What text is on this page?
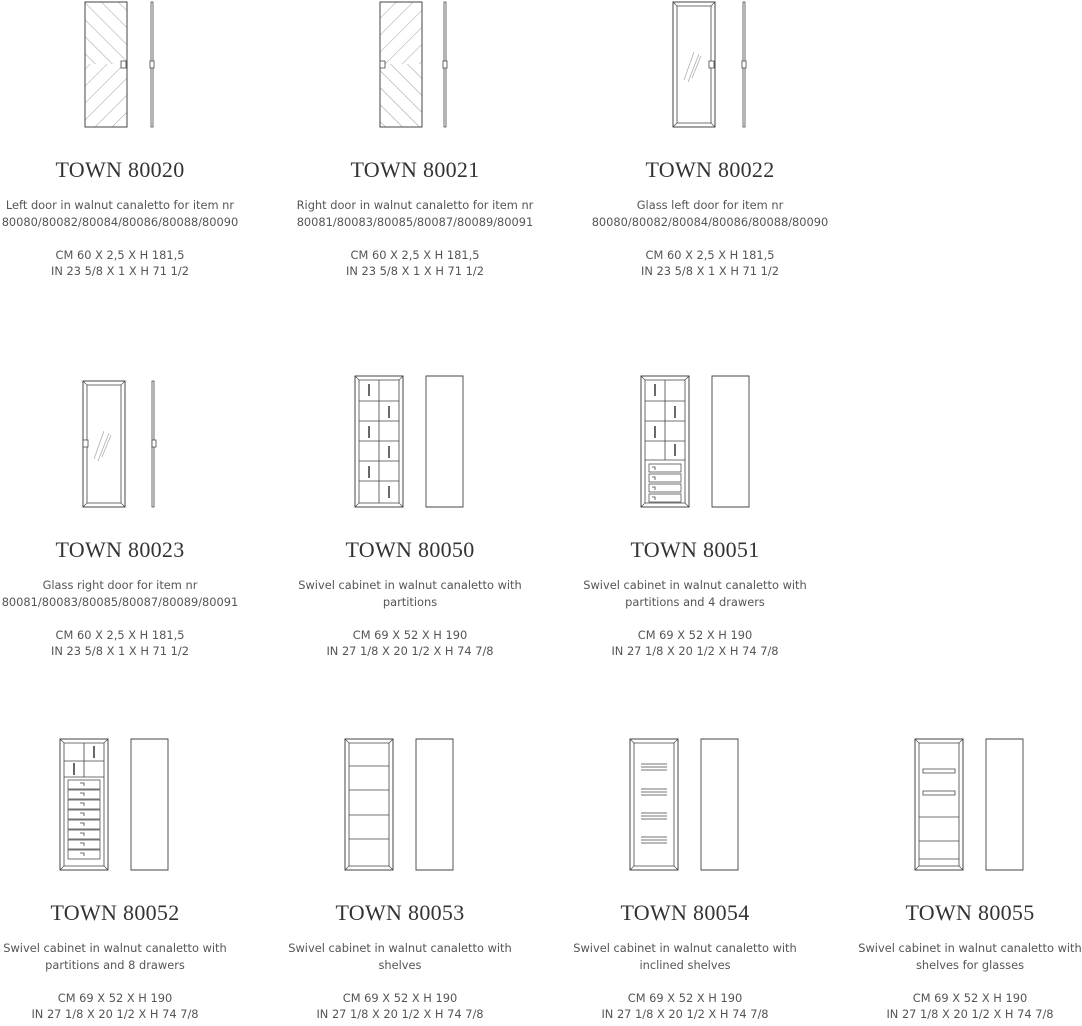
TOWN 80020
Left door in walnut canaletto for item nr 80080/80082/80084/80086/80088/80090
CM 60 X 2,5 X H 181,5
IN 23 5/8 X 1 X H 71 1/2
TOWN 80021
Right door in walnut canaletto for item nr 80081/80083/80085/80087/80089/80091
CM 60 X 2,5 X H 181,5
IN 23 5/8 X 1 X H 71 1/2
TOWN 80022
Glass left door for item nr 80080/80082/80084/80086/80088/80090
CM 60 X 2,5 X H 181,5
IN 23 5/8 X 1 X H 71 1/2
TOWN 80023
Glass right door for item nr 80081/80083/80085/80087/80089/80091
CM 60 X 2,5 X H 181,5
IN 23 5/8 X 1 X H 71 1/2
TOWN 80050
Swivel cabinet in walnut canaletto with partitions
CM 69 X 52 X H 190
IN 27 1/8 X 20 1/2 X H 74 7/8
TOWN 80051
Swivel cabinet in walnut canaletto with partitions and 4 drawers
CM 69 X 52 X H 190
IN 27 1/8 X 20 1/2 X H 74 7/8
TOWN 80052
Swivel cabinet in walnut canaletto with partitions and 8 drawers
CM 69 X 52 X H 190
IN 27 1/8 X 20 1/2 X H 74 7/8
TOWN 80053
Swivel cabinet in walnut canaletto with shelves
CM 69 X 52 X H 190
IN 27 1/8 X 20 1/2 X H 74 7/8
TOWN 80054
Swivel cabinet in walnut canaletto with inclined shelves
CM 69 X 52 X H 190
IN 27 1/8 X 20 1/2 X H 74 7/8
TOWN 80055
Swivel cabinet in walnut canaletto with shelves for glasses
CM 69 X 52 X H 190
IN 27 1/8 X 20 1/2 X H 74 7/8
